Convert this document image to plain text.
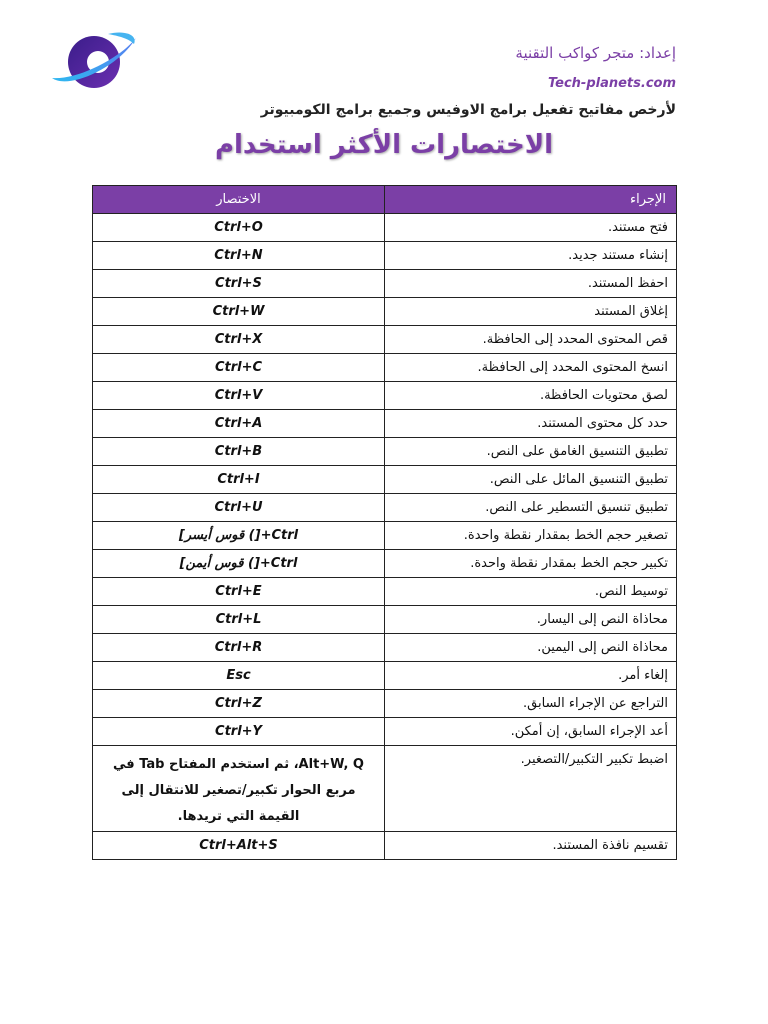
إعداد: متجر كواكب التقنية
Tech-planets.com
لأرخص مفاتيح تفعيل برامج الاوفيس وجميع برامج الكومبيوتر
الاختصارات الأكثر استخدام
الإجراء	الاختصار
فتح مستند.	Ctrl+O
إنشاء مستند جديد.	Ctrl+N
احفظ المستند.	Ctrl+S
إغلاق المستند	Ctrl+W
قص المحتوى المحدد إلى الحافظة.	Ctrl+X
انسخ المحتوى المحدد إلى الحافظة.	Ctrl+C
لصق محتويات الحافظة.	Ctrl+V
حدد كل محتوى المستند.	Ctrl+A
تطبيق التنسيق الغامق على النص.	Ctrl+B
تطبيق التنسيق المائل على النص.	Ctrl+I
تطبيق تنسيق التسطير على النص.	Ctrl+U
تصغير حجم الخط بمقدار نقطة واحدة.	Ctrl+[) قوس أيسر]
تكبير حجم الخط بمقدار نقطة واحدة.	Ctrl+[) قوس أيمن]
توسيط النص.	Ctrl+E
محاذاة النص إلى اليسار.	Ctrl+L
محاذاة النص إلى اليمين.	Ctrl+R
إلغاء أمر.	Esc
التراجع عن الإجراء السابق.	Ctrl+Z
أعد الإجراء السابق، إن أمكن.	Ctrl+Y
اضبط تكبير التكبير/التصغير.	Alt+W, Q، ثم استخدم المفتاح Tab في
مربع الحوار تكبير/تصغير للانتقال إلى
القيمة التي تريدها.

تقسيم نافذة المستند.	Ctrl+Alt+S
